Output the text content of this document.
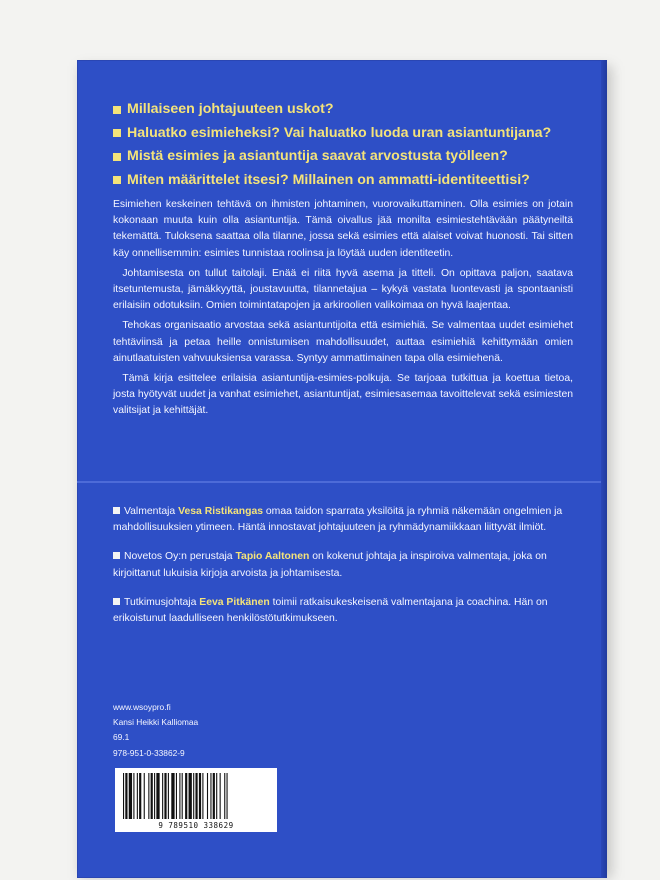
Millaiseen johtajuuteen uskot?
Haluatko esimieheksi? Vai haluatko luoda uran asiantuntijana?
Mistä esimies ja asiantuntija saavat arvostusta työlleen?
Miten määrittelet itsesi? Millainen on ammatti-identiteettisi?

Esimiehen keskeinen tehtävä on ihmisten johtaminen, vuorovaikuttaminen. Olla esimies on jotain kokonaan muuta kuin olla asiantuntija. Tämä oivallus jää monilta esimiestehtävään päätyneiltä tekemättä. Tuloksena saattaa olla tilanne, jossa sekä esimies että alaiset voivat huonosti. Tai sitten käy onnellisemmin: esimies tunnistaa roolinsa ja löytää uuden identiteetin.

Johtamisesta on tullut taitolaji. Enää ei riitä hyvä asema ja titteli. On opittava paljon, saatava itsetuntemusta, jämäkkyyttä, joustavuutta, tilannetajua – kykyä vastata luontevasti ja spontaanisti erilaisiin odotuksiin. Omien toimintatapojen ja arkiroolien valikoimaa on hyvä laajentaa.

Tehokas organisaatio arvostaa sekä asiantuntijoita että esimiehiä. Se valmentaa uudet esimiehet tehtäviinsä ja petaa heille onnistumisen mahdollisuudet, auttaa esimiehiä kehittymään omien ainutlaatuisten vahvuuksiensa varassa. Syntyy ammattimainen tapa olla esimiehenä.

Tämä kirja esittelee erilaisia asiantuntija-esimies-polkuja. Se tarjoaa tutkittua ja koettua tietoa, josta hyötyvät uudet ja vanhat esimiehet, asiantuntijat, esimiesasemaa tavoittelevat sekä esimiesten valitsijat ja kehittäjät.

Valmentaja Vesa Ristikangas omaa taidon sparrata yksilöitä ja ryhmiä näkemään ongelmien ja mahdollisuuksien ytimeen. Häntä innostavat johtajuuteen ja ryhmädynamiikkaan liittyvät ilmiöt.
Novetos Oy:n perustaja Tapio Aaltonen on kokenut johtaja ja inspiroiva valmentaja, joka on kirjoittanut lukuisia kirjoja arvoista ja johtamisesta.
Tutkimusjohtaja Eeva Pitkänen toimii ratkaisukeskeisenä valmentajana ja coachina. Hän on erikoistunut laadulliseen henkilöstötutkimukseen.
www.wsoypro.fi
Kansi Heikki Kalliomaa
69.1
978-951-0-33862-9
9 789510 338629
